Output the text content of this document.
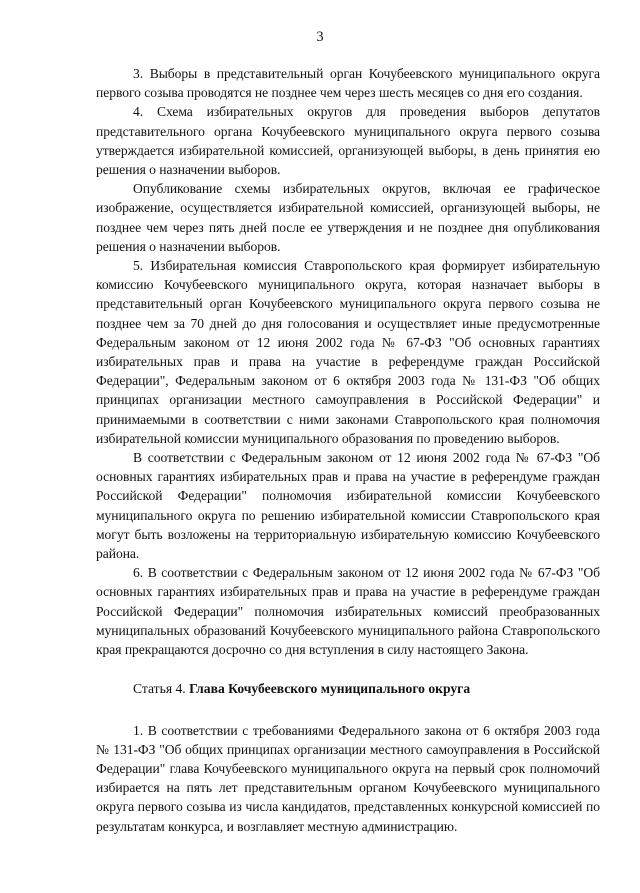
3

3. Выборы в представительный орган Кочубеевского муниципального округа первого созыва проводятся не позднее чем через шесть месяцев со дня его создания.

4. Схема избирательных округов для проведения выборов депутатов представительного органа Кочубеевского муниципального округа первого созыва утверждается избирательной комиссией, организующей выборы, в день принятия ею решения о назначении выборов.

Опубликование схемы избирательных округов, включая ее графическое изображение, осуществляется избирательной комиссией, организующей выборы, не позднее чем через пять дней после ее утверждения и не позднее дня опубликования решения о назначении выборов.

5. Избирательная комиссия Ставропольского края формирует избирательную комиссию Кочубеевского муниципального округа, которая назначает выборы в представительный орган Кочубеевского муниципального округа первого созыва не позднее чем за 70 дней до дня голосования и осуществляет иные предусмотренные Федеральным законом от 12 июня 2002 года № 67-ФЗ "Об основных гарантиях избирательных прав и права на участие в референдуме граждан Российской Федерации", Федеральным законом от 6 октября 2003 года № 131-ФЗ "Об общих принципах организации местного самоуправления в Российской Федерации" и принимаемыми в соответствии с ними законами Ставропольского края полномочия избирательной комиссии муниципального образования по проведению выборов.

В соответствии с Федеральным законом от 12 июня 2002 года № 67-ФЗ "Об основных гарантиях избирательных прав и права на участие в референдуме граждан Российской Федерации" полномочия избирательной комиссии Кочубеевского муниципального округа по решению избирательной комиссии Ставропольского края могут быть возложены на территориальную избирательную комиссию Кочубеевского района.

6. В соответствии с Федеральным законом от 12 июня 2002 года № 67-ФЗ "Об основных гарантиях избирательных прав и права на участие в референдуме граждан Российской Федерации" полномочия избирательных комиссий преобразованных муниципальных образований Кочубеевского муниципального района Ставропольского края прекращаются досрочно со дня вступления в силу настоящего Закона.

Статья 4. Глава Кочубеевского муниципального округа

1. В соответствии с требованиями Федерального закона от 6 октября 2003 года № 131-ФЗ "Об общих принципах организации местного самоуправления в Российской Федерации" глава Кочубеевского муниципального округа на первый срок полномочий избирается на пять лет представительным органом Кочубеевского муниципального округа первого созыва из числа кандидатов, представленных конкурсной комиссией по результатам конкурса, и возглавляет местную администрацию.
